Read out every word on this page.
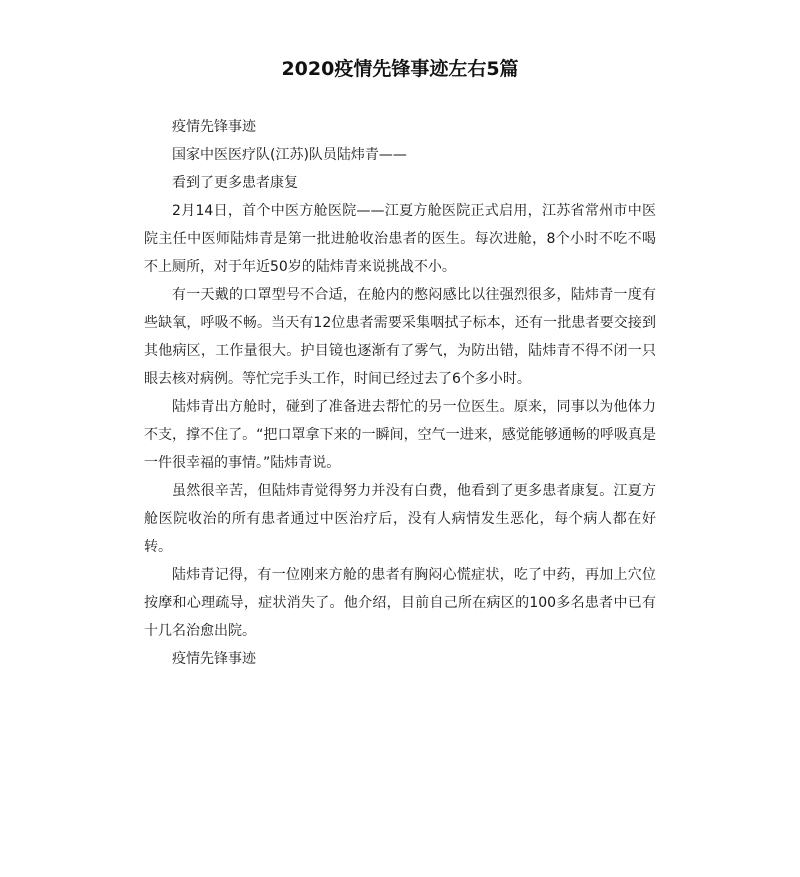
2020疫情先锋事迹左右5篇

疫情先锋事迹

国家中医医疗队(江苏)队员陆炜青——

看到了更多患者康复

2月14日，首个中医方舱医院——江夏方舱医院正式启用，江苏省常州市中医院主任中医师陆炜青是第一批进舱收治患者的医生。每次进舱，8个小时不吃不喝不上厕所，对于年近50岁的陆炜青来说挑战不小。

有一天戴的口罩型号不合适，在舱内的憋闷感比以往强烈很多，陆炜青一度有些缺氧，呼吸不畅。当天有12位患者需要采集咽拭子标本，还有一批患者要交接到其他病区，工作量很大。护目镜也逐渐有了雾气，为防出错，陆炜青不得不闭一只眼去核对病例。等忙完手头工作，时间已经过去了6个多小时。

陆炜青出方舱时，碰到了准备进去帮忙的另一位医生。原来，同事以为他体力不支，撑不住了。“把口罩拿下来的一瞬间，空气一进来，感觉能够通畅的呼吸真是一件很幸福的事情。”陆炜青说。

虽然很辛苦，但陆炜青觉得努力并没有白费，他看到了更多患者康复。江夏方舱医院收治的所有患者通过中医治疗后，没有人病情发生恶化，每个病人都在好转。

陆炜青记得，有一位刚来方舱的患者有胸闷心慌症状，吃了中药，再加上穴位按摩和心理疏导，症状消失了。他介绍，目前自己所在病区的100多名患者中已有十几名治愈出院。

疫情先锋事迹
